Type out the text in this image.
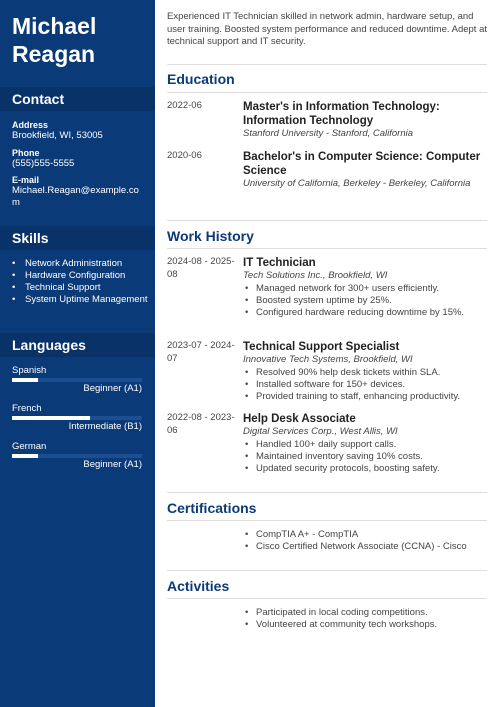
Michael
Reagan
Contact
Address
Brookfield, WI, 53005
Phone
(555)555-5555
E-mail
Michael.Reagan@example.com
Skills
• Network Administration
• Hardware Configuration
• Technical Support
• System Uptime Management
Languages
Spanish
Beginner (A1)
French
Intermediate (B1)
German
Beginner (A1)
Experienced IT Technician skilled in network admin, hardware setup, and user training. Boosted system performance and reduced downtime. Adept at technical support and IT security.
Education
2022-06	Master's in Information Technology: Information Technology
Stanford University - Stanford, California
2020-06	Bachelor's in Computer Science: Computer Science
University of California, Berkeley - Berkeley, California
Work History
2024-08 - 2025-08
IT Technician
Tech Solutions Inc., Brookfield, WI
• Managed network for 300+ users efficiently.
• Boosted system uptime by 25%.
• Configured hardware reducing downtime by 15%.
2023-07 - 2024-07
Technical Support Specialist
Innovative Tech Systems, Brookfield, WI
• Resolved 90% help desk tickets within SLA.
• Installed software for 150+ devices.
• Provided training to staff, enhancing productivity.
2022-08 - 2023-06
Help Desk Associate
Digital Services Corp., West Allis, WI
• Handled 100+ daily support calls.
• Maintained inventory saving 10% costs.
• Updated security protocols, boosting safety.
Certifications
• CompTIA A+ - CompTIA
• Cisco Certified Network Associate (CCNA) - Cisco
Activities
• Participated in local coding competitions.
• Volunteered at community tech workshops.
